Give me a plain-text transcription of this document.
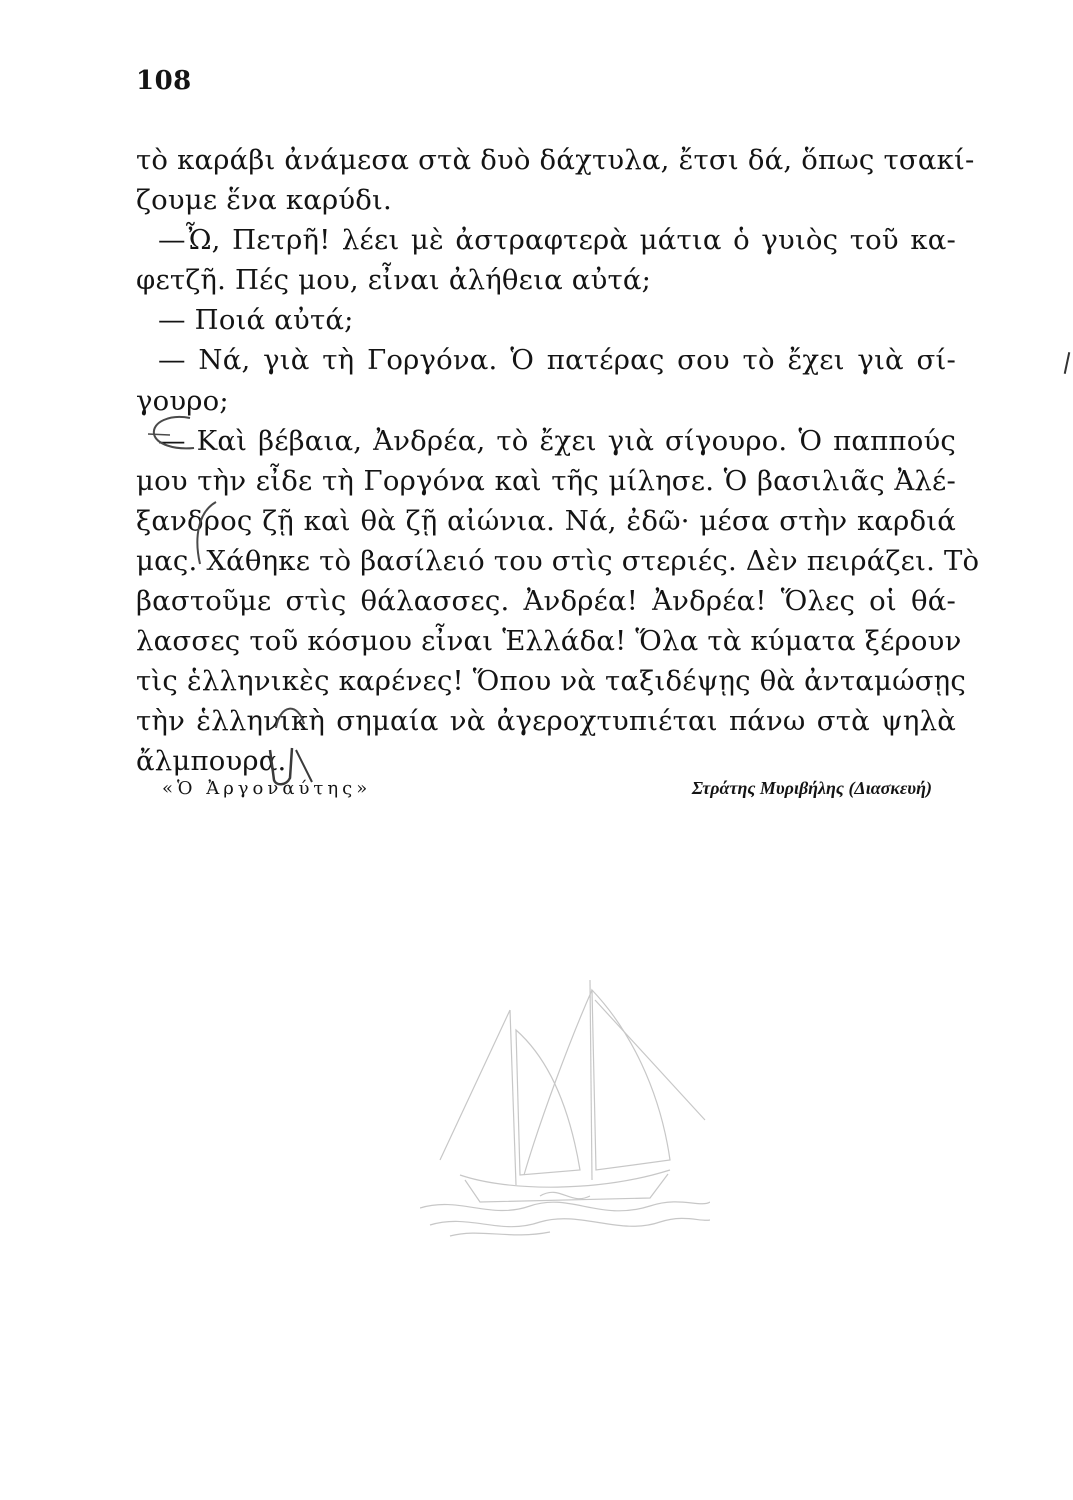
108
τὸ καράβι ἀνάμεσα στὰ δυὸ δάχτυλα, ἔτσι δά, ὅπως τσακί-
ζουμε ἕνα καρύδι.
—Ὦ, Πετρῆ! λέει μὲ ἀστραφτερὰ μάτια ὁ γυιὸς τοῦ κα-
φετζῆ. Πές μου, εἶναι ἀλήθεια αὐτά;
— Ποιά αὐτά;
— Νά, γιὰ τὴ Γοργόνα. Ὁ πατέρας σου τὸ ἔχει γιὰ σί-
γουρο;
— Καὶ βέβαια, Ἀνδρέα, τὸ ἔχει γιὰ σίγουρο. Ὁ παππούς
μου τὴν εἶδε τὴ Γοργόνα καὶ τῆς μίλησε. Ὁ βασιλιᾶς Ἀλέ-
ξανδρος ζῇ καὶ θὰ ζῇ αἰώνια. Νά, ἐδῶ· μέσα στὴν καρδιά
μας. Χάθηκε τὸ βασίλειό του στὶς στεριές. Δὲν πειράζει. Τὸ
βαστοῦμε στὶς θάλασσες. Ἀνδρέα! Ἀνδρέα! Ὅλες οἱ θά-
λασσες τοῦ κόσμου εἶναι Ἑλλάδα! Ὅλα τὰ κύματα ξέρουν
τὶς ἑλληνικὲς καρένες! Ὅπου νὰ ταξιδέψῃς θὰ ἀνταμώσῃς
τὴν ἑλληνικὴ σημαία νὰ ἀγεροχτυπιέται πάνω στὰ ψηλὰ
ἄλμπουρα.
«Ὁ Ἀργοναύτης»	Στράτης Μυριβήλης (Διασκευή)
